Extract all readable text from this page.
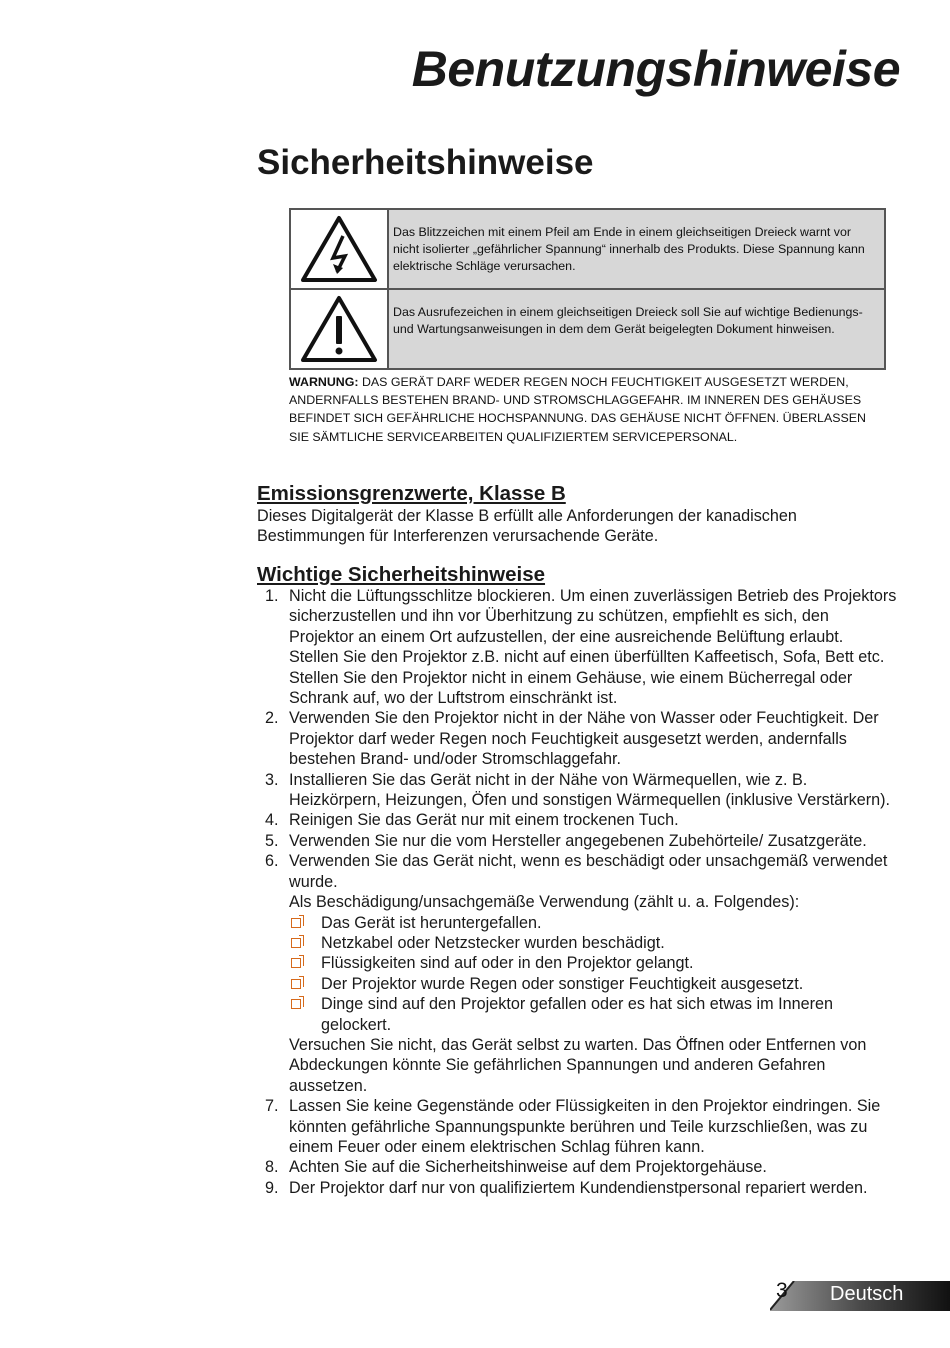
Benutzungshinweise
Sicherheitshinweise
Das Blitzzeichen mit einem Pfeil am Ende in einem gleichseitigen Dreieck warnt vor nicht isolierter „gefährlicher Spannung“ innerhalb des Produkts. Diese Spannung kann elektrische Schläge verursachen.
Das Ausrufezeichen in einem gleichseitigen Dreieck soll Sie auf wichtige Bedienungs- und Wartungsanweisungen in dem dem Gerät beigelegten Dokument hinweisen.

WARNUNG: DAS GERÄT DARF WEDER REGEN NOCH FEUCHTIGKEIT AUSGESETZT WERDEN, ANDERNFALLS BESTEHEN BRAND- UND STROMSCHLAGGEFAHR. IM INNEREN DES GEHÄUSES BEFINDET SICH GEFÄHRLICHE HOCHSPANNUNG. DAS GEHÄUSE NICHT ÖFFNEN. ÜBERLASSEN SIE SÄMTLICHE SERVICEARBEITEN QUALIFIZIERTEM SERVICEPERSONAL.

Emissionsgrenzwerte, Klasse B

Dieses Digitalgerät der Klasse B erfüllt alle Anforderungen der kanadischen Bestimmungen für Interferenzen verursachende Geräte.

Wichtige Sicherheitshinweise
1. Nicht die Lüftungsschlitze blockieren. Um einen zuverlässigen Betrieb des Projektors sicherzustellen und ihn vor Überhitzung zu schützen, empfiehlt es sich, den Projektor an einem Ort aufzustellen, der eine ausreichende Belüftung erlaubt. Stellen Sie den Projektor z.B. nicht auf einen überfüllten Kaffeetisch, Sofa, Bett etc. Stellen Sie den Projektor nicht in einem Gehäuse, wie einem Bücherregal oder Schrank auf, wo der Luftstrom einschränkt ist.
2. Verwenden Sie den Projektor nicht in der Nähe von Wasser oder Feuchtigkeit. Der Projektor darf weder Regen noch Feuchtigkeit ausgesetzt werden, andernfalls bestehen Brand- und/oder Stromschlaggefahr.
3. Installieren Sie das Gerät nicht in der Nähe von Wärmequellen, wie z. B. Heizkörpern, Heizungen, Öfen und sonstigen Wärmequellen (inklusive Verstärkern).
4. Reinigen Sie das Gerät nur mit einem trockenen Tuch.
5. Verwenden Sie nur die vom Hersteller angegebenen Zubehörteile/ Zusatzgeräte.
6. Verwenden Sie das Gerät nicht, wenn es beschädigt oder unsachgemäß verwendet wurde.
Als Beschädigung/unsachgemäße Verwendung (zählt u. a. Folgendes):
Das Gerät ist heruntergefallen.
Netzkabel oder Netzstecker wurden beschädigt.
Flüssigkeiten sind auf oder in den Projektor gelangt.
Der Projektor wurde Regen oder sonstiger Feuchtigkeit ausgesetzt.
Dinge sind auf den Projektor gefallen oder es hat sich etwas im Inneren gelockert.
Versuchen Sie nicht, das Gerät selbst zu warten. Das Öffnen oder Entfernen von Abdeckungen könnte Sie gefährlichen Spannungen und anderen Gefahren aussetzen.
7. Lassen Sie keine Gegenstände oder Flüssigkeiten in den Projektor eindringen. Sie könnten gefährliche Spannungspunkte berühren und Teile kurzschließen, was zu einem Feuer oder einem elektrischen Schlag führen kann.
8. Achten Sie auf die Sicherheitshinweise auf dem Projektorgehäuse.
9. Der Projektor darf nur von qualifiziertem Kundendienstpersonal repariert werden.
3 Deutsch
